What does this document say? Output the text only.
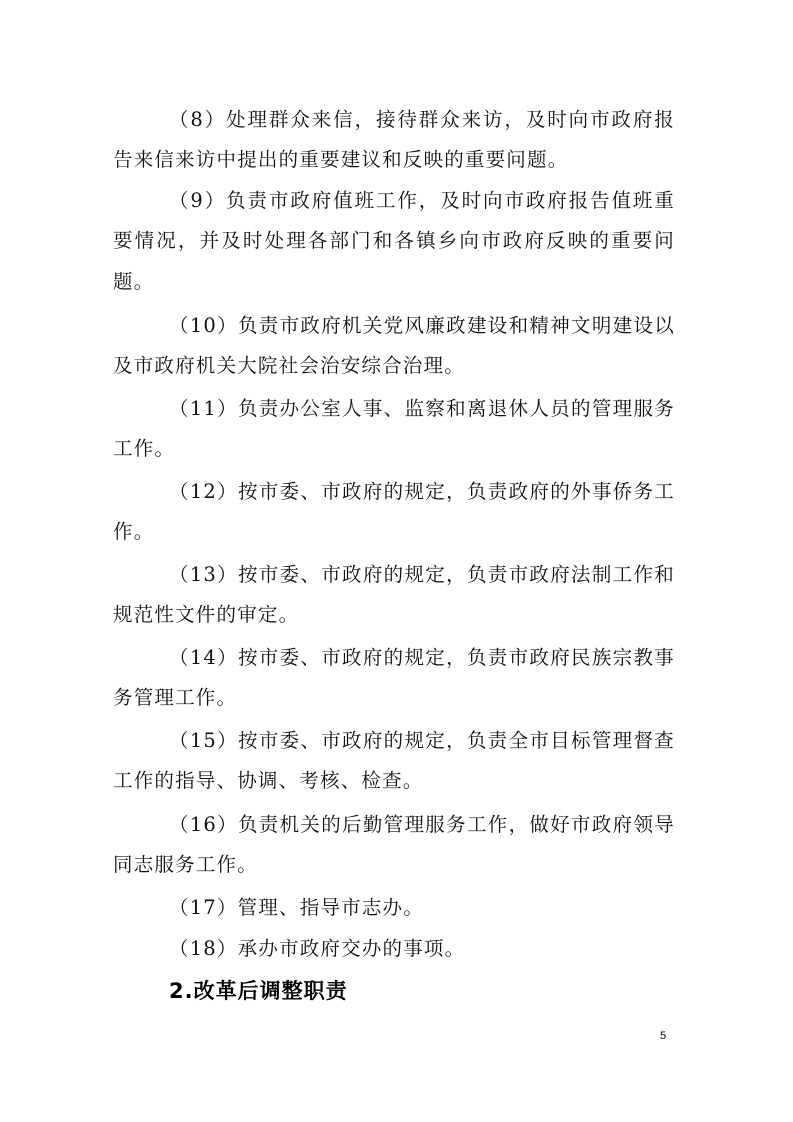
（8）处理群众来信，接待群众来访，及时向市政府报告来信来访中提出的重要建议和反映的重要问题。

（9）负责市政府值班工作，及时向市政府报告值班重要情况，并及时处理各部门和各镇乡向市政府反映的重要问题。

（10）负责市政府机关党风廉政建设和精神文明建设以及市政府机关大院社会治安综合治理。

（11）负责办公室人事、监察和离退休人员的管理服务工作。

（12）按市委、市政府的规定，负责政府的外事侨务工作。

（13）按市委、市政府的规定，负责市政府法制工作和规范性文件的审定。

（14）按市委、市政府的规定，负责市政府民族宗教事务管理工作。

（15）按市委、市政府的规定，负责全市目标管理督查工作的指导、协调、考核、检查。

（16）负责机关的后勤管理服务工作，做好市政府领导同志服务工作。

（17）管理、指导市志办。

（18）承办市政府交办的事项。

2.改革后调整职责

5
